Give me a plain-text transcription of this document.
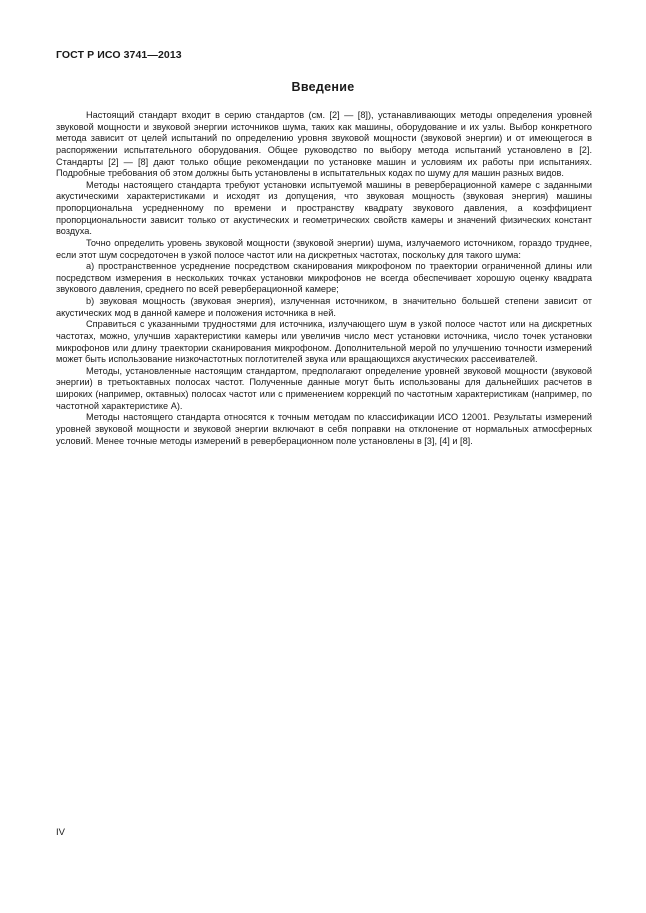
ГОСТ Р ИСО 3741—2013
Введение

Настоящий стандарт входит в серию стандартов (см. [2] — [8]), устанавливающих методы определения уровней звуковой мощности и звуковой энергии источников шума, таких как машины, оборудование и их узлы. Выбор конкретного метода зависит от целей испытаний по определению уровня звуковой мощности (звуковой энергии) и от имеющегося в распоряжении испытательного оборудования. Общее руководство по выбору метода испытаний установлено в [2]. Стандарты [2] — [8] дают только общие рекомендации по установке машин и условиям их работы при испытаниях. Подробные требования об этом должны быть установлены в испытательных кодах по шуму для машин разных видов.

Методы настоящего стандарта требуют установки испытуемой машины в реверберационной камере с заданными акустическими характеристиками и исходят из допущения, что звуковая мощность (звуковая энергия) машины пропорциональна усредненному по времени и пространству квадрату звукового давления, а коэффициент пропорциональности зависит только от акустических и геометрических свойств камеры и значений физических констант воздуха.

Точно определить уровень звуковой мощности (звуковой энергии) шума, излучаемого источником, гораздо труднее, если этот шум сосредоточен в узкой полосе частот или на дискретных частотах, поскольку для такого шума:

а) пространственное усреднение посредством сканирования микрофоном по траектории ограниченной длины или посредством измерения в нескольких точках установки микрофонов не всегда обеспечивает хорошую оценку квадрата звукового давления, среднего по всей реверберационной камере;

b) звуковая мощность (звуковая энергия), излученная источником, в значительно большей степени зависит от акустических мод в данной камере и положения источника в ней.

Справиться с указанными трудностями для источника, излучающего шум в узкой полосе частот или на дискретных частотах, можно, улучшив характеристики камеры или увеличив число мест установки источника, число точек установки микрофонов или длину траектории сканирования микрофоном. Дополнительной мерой по улучшению точности измерений может быть использование низкочастотных поглотителей звука или вращающихся акустических рассеивателей.

Методы, установленные настоящим стандартом, предполагают определение уровней звуковой мощности (звуковой энергии) в третьоктавных полосах частот. Полученные данные могут быть использованы для дальнейших расчетов в широких (например, октавных) полосах частот или с применением коррекций по частотным характеристикам (например, по частотной характеристике A).

Методы настоящего стандарта относятся к точным методам по классификации ИСО 12001. Результаты измерений уровней звуковой мощности и звуковой энергии включают в себя поправки на отклонение от нормальных атмосферных условий. Менее точные методы измерений в реверберационном поле установлены в [3], [4] и [8].

IV
